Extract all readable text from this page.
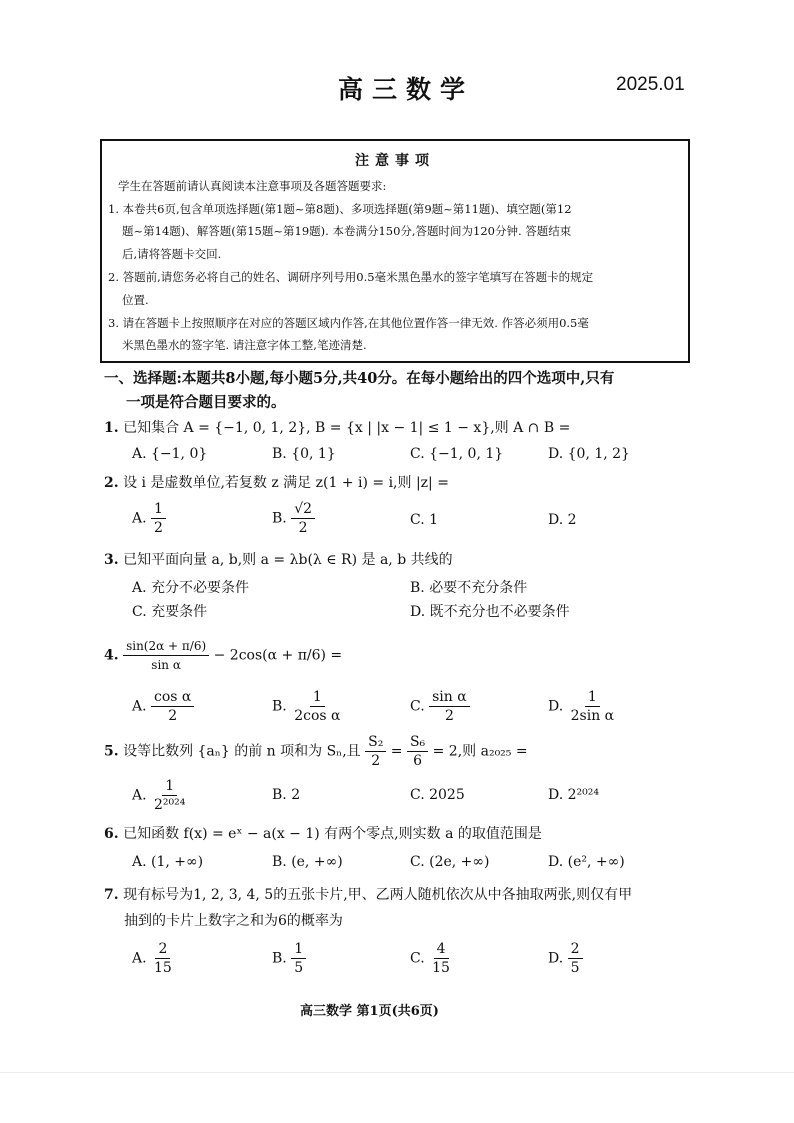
高三数学	2025.01
注意事项
学生在答题前请认真阅读本注意事项及各题答题要求:
1. 本卷共6页,包含单项选择题(第1题~第8题)、多项选择题(第9题~第11题)、填空题(第12
题~第14题)、解答题(第15题~第19题). 本卷满分150分,答题时间为120分钟. 答题结束
后,请将答题卡交回.
2. 答题前,请您务必将自己的姓名、调研序列号用0.5毫米黑色墨水的签字笔填写在答题卡的规定
位置.
3. 请在答题卡上按照顺序在对应的答题区域内作答,在其他位置作答一律无效. 作答必须用0.5毫
米黑色墨水的签字笔. 请注意字体工整,笔迹清楚.
一、选择题:本题共8小题,每小题5分,共40分。在每小题给出的四个选项中,只有
一项是符合题目要求的。
1. 已知集合 A = {−1, 0, 1, 2}, B = {x | |x − 1| ≤ 1 − x},则 A ∩ B =
A. {−1, 0}	B. {0, 1}	C. {−1, 0, 1}	D. {0, 1, 2}
2. 设 i 是虚数单位,若复数 z 满足 z(1 + i) = i,则 |z| =
A. $\frac{1}{2}$	B. $\frac{√2}{2}$	C. 1	D. 2
3. 已知平面向量 a, b,则 a = λb(λ ∈ R) 是 a, b 共线的
A. 充分不必要条件	B. 必要不充分条件
C. 充要条件	D. 既不充分也不必要条件
4. $\frac{\sin(2\alpha + \pi/6)}{\text{sin α}} - 2\cos(\alpha + \pi/6)$ =
A. $\frac{\text{cos α}}{2}$	B. $\frac{1}{\text{2cos α}}$	C. $\frac{\text{sin α}}{2}$	D. $\frac{1}{\text{2sin α}}$
5. 设等比数列 {aₙ} 的前 n 项和为 Sₙ,且 $\frac{\text{S₂}}{2} = \frac{\text{S₆}}{6} = 2$,则 a₂₀₂₅ =
A. $\frac{1}{\text{2²⁰²⁴}}$	B. 2	C. 2025	D. 2²⁰²⁴
6. 已知函数 f(x) = eˣ − a(x − 1) 有两个零点,则实数 a 的取值范围是
A. (1, +∞)	B. (e, +∞)	C. (2e, +∞)	D. (e², +∞)
7. 现有标号为1, 2, 3, 4, 5的五张卡片,甲、乙两人随机依次从中各抽取两张,则仅有甲
抽到的卡片上数字之和为6的概率为
A. $\frac{2}{15}$	B. $\frac{1}{5}$	C. $\frac{4}{15}$	D. $\frac{2}{5}$
高三数学 第1页(共6页)
